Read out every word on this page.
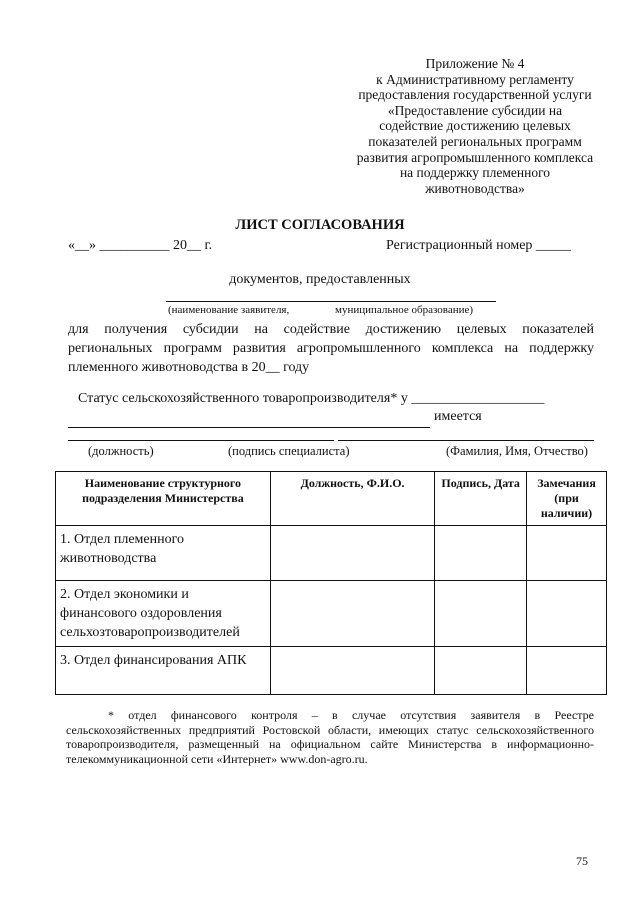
Приложение № 4
к Административному регламенту
предоставления государственной услуги
«Предоставление субсидии на
содействие достижению целевых
показателей региональных программ
развития агропромышленного комплекса
на поддержку племенного
животноводства»
ЛИСТ СОГЛАСОВАНИЯ
«__» __________ 20__ г.	Регистрационный номер _____
документов, предоставленных
(наименование заявителя,	муниципальное образование)
для получения субсидии на содействие достижению целевых показателей региональных программ развития агропромышленного комплекса на поддержку племенного животноводства в 20__ году
Статус сельскохозяйственного товаропроизводителя* у ___________________
имеется
(должность)	(подпись специалиста)	(Фамилия, Имя, Отчество)
Наименование структурного подразделения Министерства	Должность, Ф.И.О.	Подпись, Дата	Замечания (при наличии)
1. Отдел племенного животноводства			
2. Отдел экономики и финансового оздоровления сельхозтоваропроизводителей			
3. Отдел финансирования АПК			
* отдел финансового контроля – в случае отсутствия заявителя в Реестре сельскохозяйственных предприятий Ростовской области, имеющих статус сельскохозяйственного товаропроизводителя, размещенный на официальном сайте Министерства в информационно-телекоммуникационной сети «Интернет» www.don-agro.ru.
75
